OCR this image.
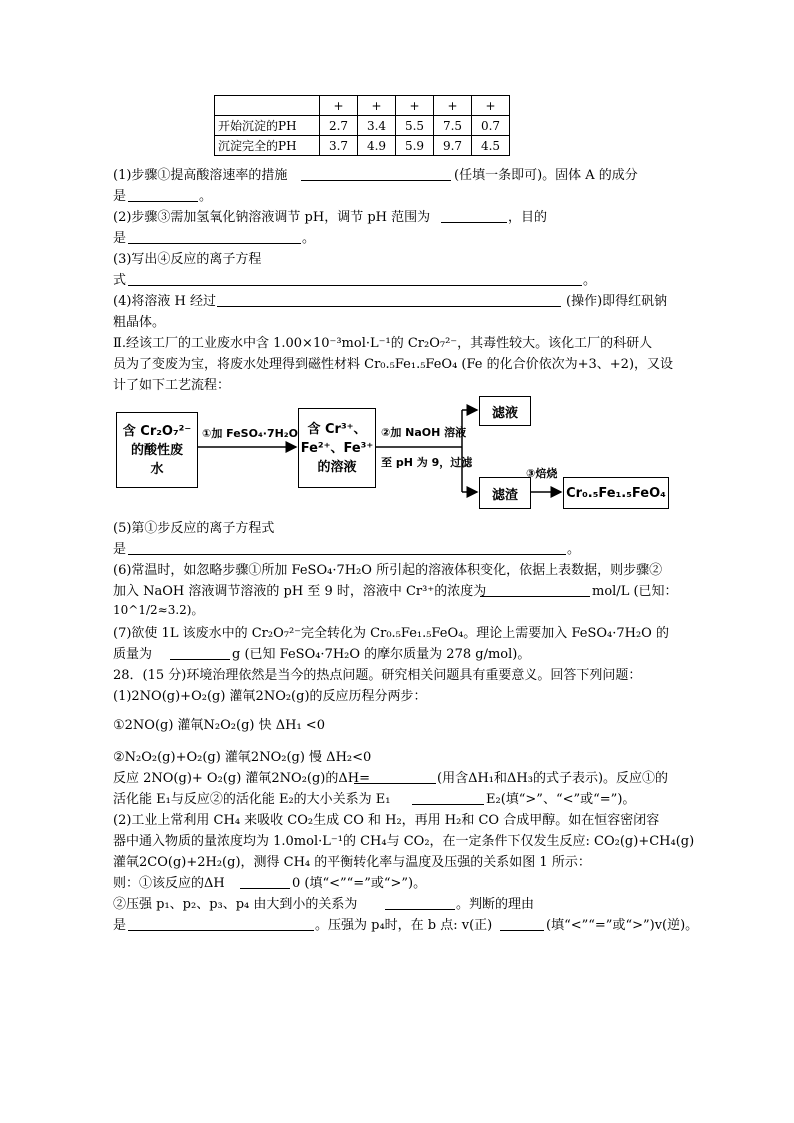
	+	+	+	+	+
开始沉淀的PH	2.7	3.4	5.5	7.5	0.7
沉淀完全的PH	3.7	4.9	5.9	9.7	4.5
(1)步骤①提高酸溶速率的措施	(任填一条即可)。固体 A 的成分
是	。
(2)步骤③需加氢氧化钠溶液调节 pH，调节 pH 范围为	，目的
是	。
(3)写出④反应的离子方程
式	。
(4)将溶液 H 经过	(操作)即得红矾钠
粗晶体。
Ⅱ.经该工厂的工业废水中含 1.00×10⁻³mol·L⁻¹的 Cr₂O₇²⁻，其毒性较大。该化工厂的科研人
员为了变废为宝，将废水处理得到磁性材料 Cr₀.₅Fe₁.₅FeO₄ (Fe 的化合价依次为+3、+2)，又设
计了如下工艺流程：
含 Cr₂O₇²⁻
的酸性废
水
①加 FeSO₄·7H₂O 含 Cr³⁺、
Fe²⁺、Fe³⁺
的溶液
②加 NaOH 溶液
至 pH 为 9，过滤
滤液
滤渣
③焙烧
Cr₀.₅Fe₁.₅FeO₄
(5)第①步反应的离子方程式
是	。
(6)常温时，如忽略步骤①所加 FeSO₄·7H₂O 所引起的溶液体积变化，依据上表数据，则步骤②
加入 NaOH 溶液调节溶液的 pH 至 9 时，溶液中 Cr³⁺的浓度为	mol/L (已知：
10^1/2≈3.2)。
(7)欲使 1L 该废水中的 Cr₂O₇²⁻完全转化为 Cr₀.₅Fe₁.₅FeO₄。理论上需要加入 FeSO₄·7H₂O 的
质量为	g (已知 FeSO₄·7H₂O 的摩尔质量为 278 g/mol)。
28．(15 分)环境治理依然是当今的热点问题。研究相关问题具有重要意义。回答下列问题：
(1)2NO(g)+O₂(g) 灌㲴2NO₂(g)的反应历程分两步：
①2NO(g) 灌㲴N₂O₂(g) 快 ΔH₁ <0
②N₂O₂(g)+O₂(g) 灌㲴2NO₂(g) 慢 ΔH₂<0
反应 2NO(g)+ O₂(g) 灌㲴2NO₂(g)的ΔH=	(用含ΔH₁和ΔH₃的式子表示)。反应①的
活化能 E₁与反应②的活化能 E₂的大小关系为 E₁	E₂(填“>”、“<”或“=”)。
(2)工业上常利用 CH₄ 来吸收 CO₂生成 CO 和 H₂，再用 H₂和 CO 合成甲醇。如在恒容密闭容
器中通入物质的量浓度均为 1.0mol·L⁻¹的 CH₄与 CO₂，在一定条件下仅发生反应: CO₂(g)+CH₄(g)
灌㲴2CO(g)+2H₂(g)，测得 CH₄ 的平衡转化率与温度及压强的关系如图 1 所示：
则：①该反应的ΔH	0 (填“<”“=”或“>”)。
②压强 p₁、p₂、p₃、p₄ 由大到小的关系为	。判断的理由
是	。压强为 p₄时，在 b 点: v(正)	(填“<”“=”或“>”)v(逆)。
